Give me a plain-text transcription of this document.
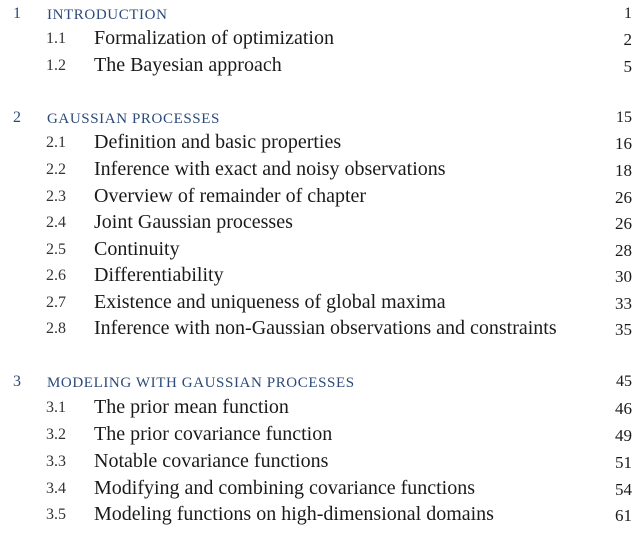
1 INTRODUCTION	1
1.1 Formalization of optimization	2
1.2 The Bayesian approach	5
2 GAUSSIAN PROCESSES	15
2.1 Definition and basic properties	16
2.2 Inference with exact and noisy observations	18
2.3 Overview of remainder of chapter	26
2.4 Joint Gaussian processes	26
2.5 Continuity	28
2.6 Differentiability	30
2.7 Existence and uniqueness of global maxima	33
2.8 Inference with non-Gaussian observations and constraints	35
3 MODELING WITH GAUSSIAN PROCESSES	45
3.1 The prior mean function	46
3.2 The prior covariance function	49
3.3 Notable covariance functions	51
3.4 Modifying and combining covariance functions	54
3.5 Modeling functions on high-dimensional domains	61
